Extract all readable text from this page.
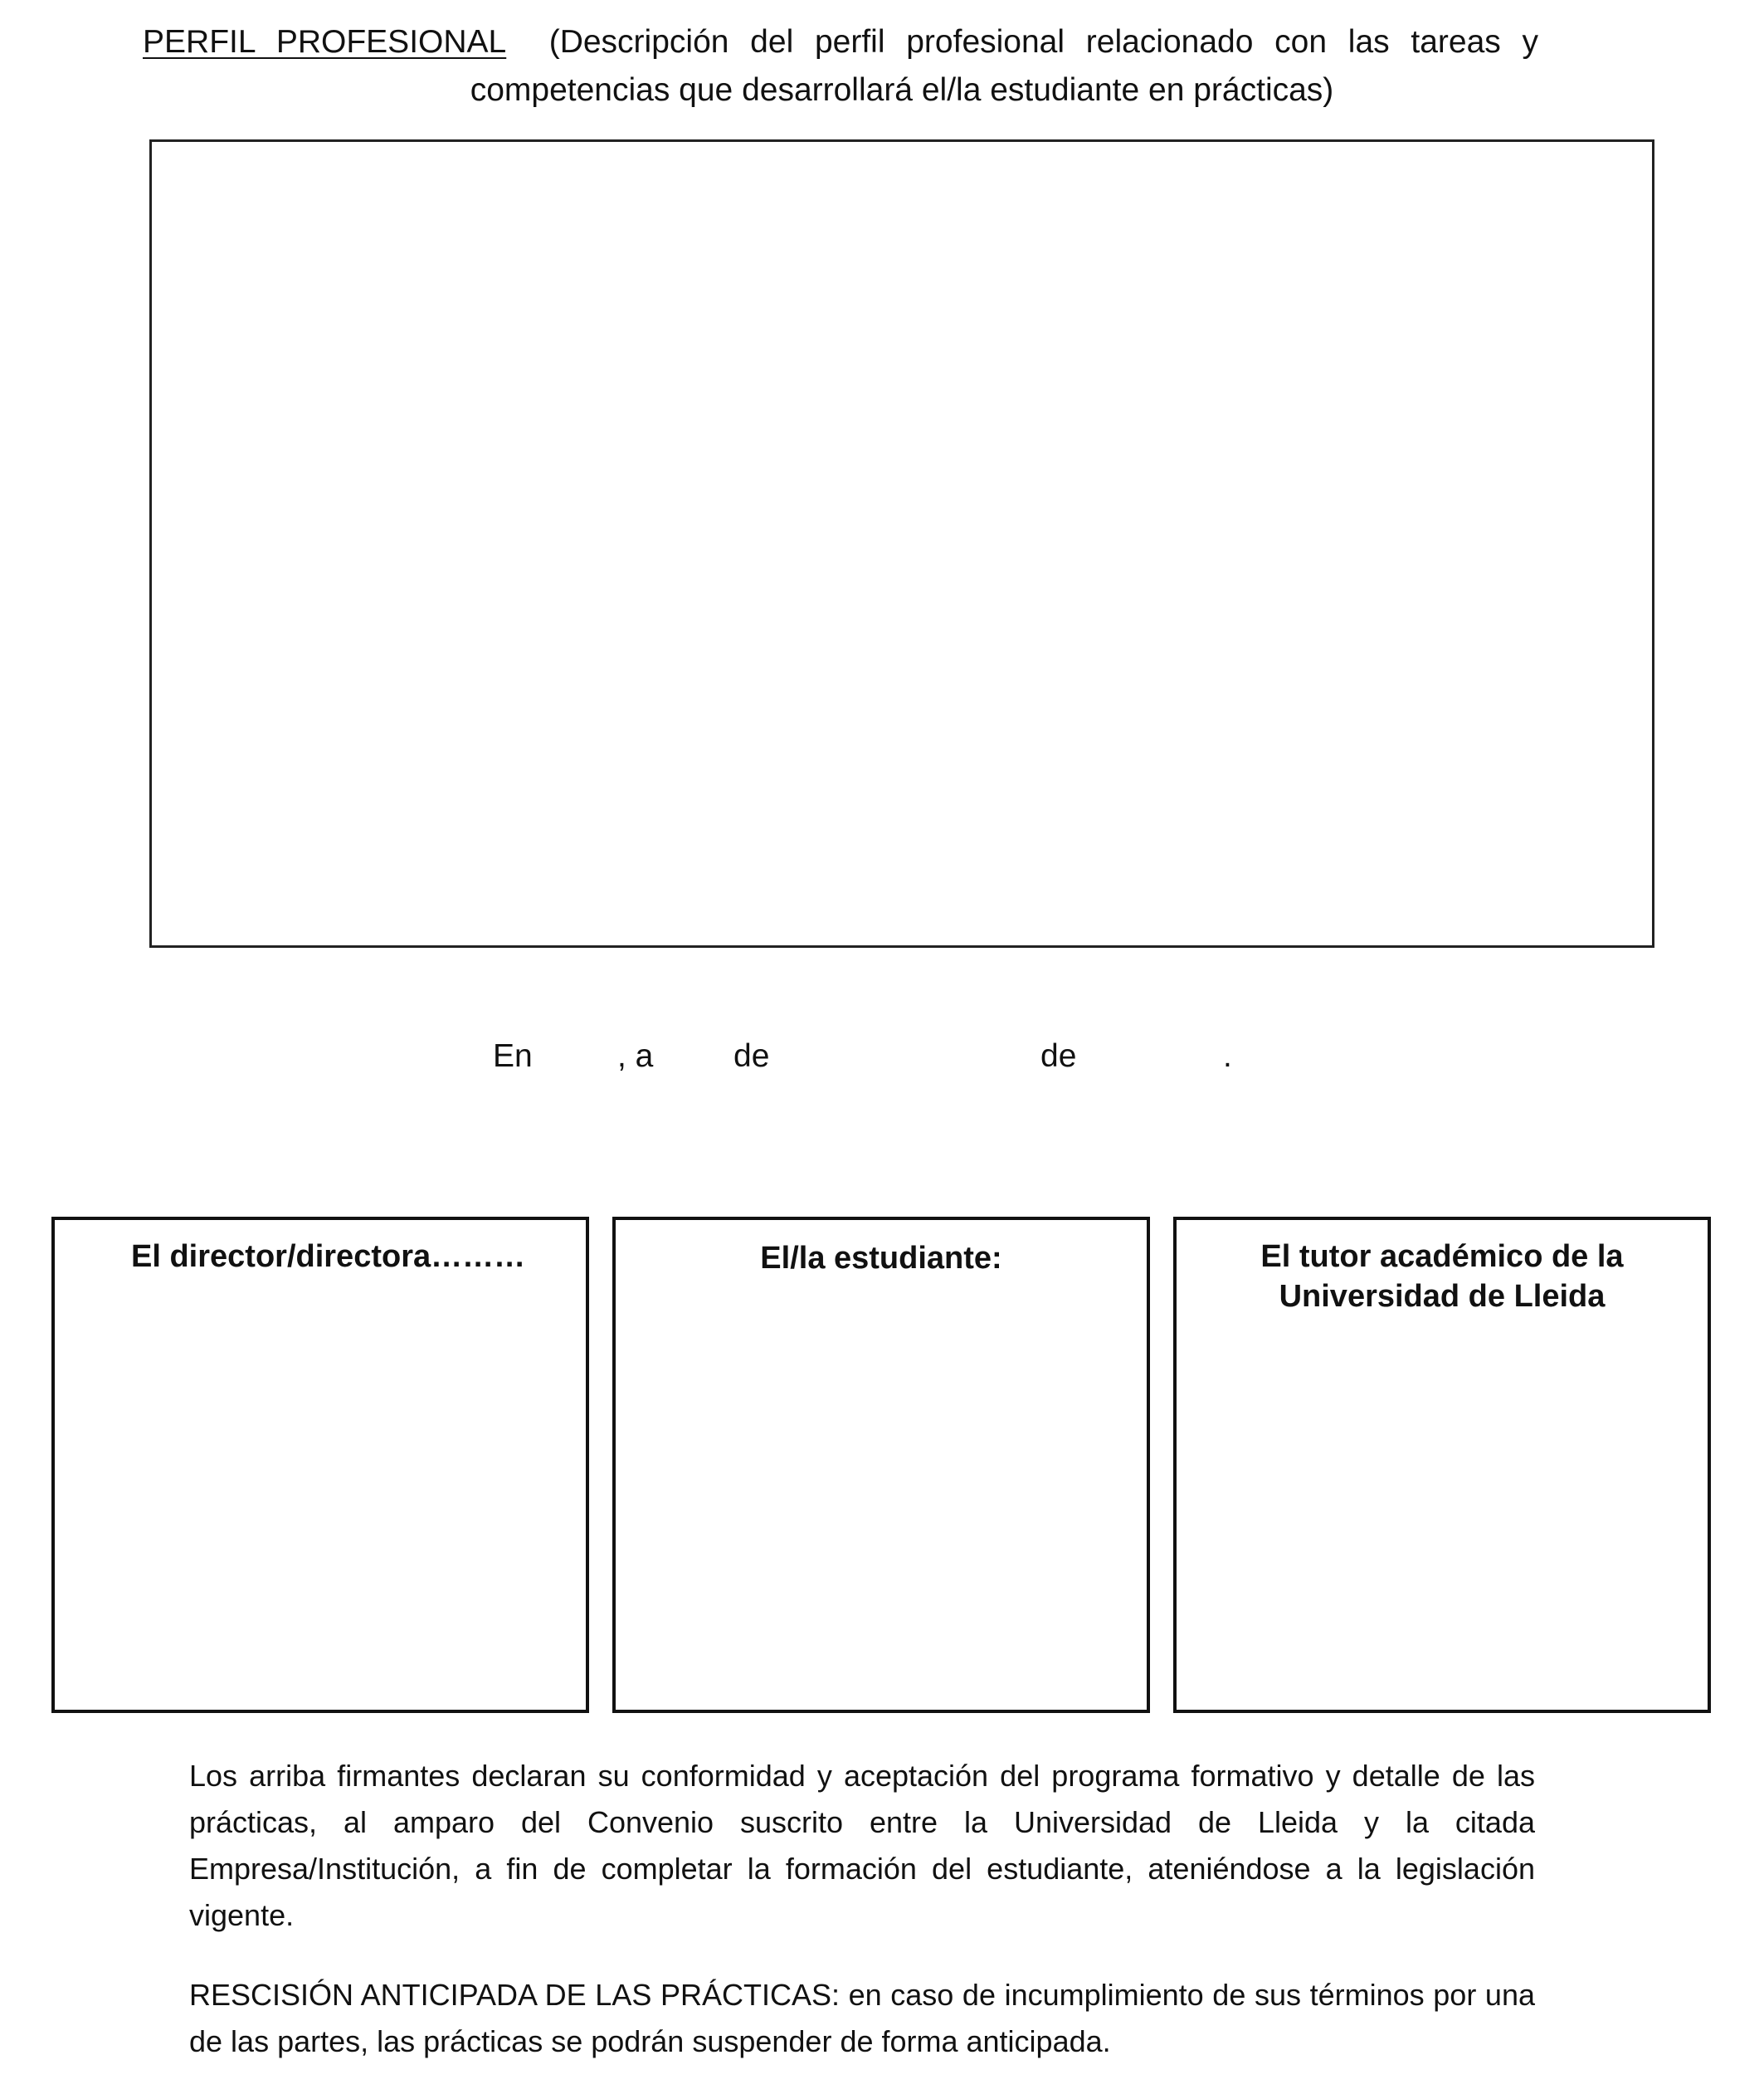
PERFIL PROFESIONAL (Descripción del perfil profesional relacionado con las tareas y
competencias que desarrollará el/la estudiante en prácticas)
En	, a de	de	.
El director/directora………	El/la estudiante:	El tutor académico de la Universidad de Lleida
Los arriba firmantes declaran su conformidad y aceptación del programa formativo y detalle de las prácticas, al amparo del Convenio suscrito entre la Universidad de Lleida y la citada Empresa/Institución, a fin de completar la formación del estudiante, ateniéndose a la legislación vigente.
RESCISIÓN ANTICIPADA DE LAS PRÁCTICAS: en caso de incumplimiento de sus términos por una de las partes, las prácticas se podrán suspender de forma anticipada.
